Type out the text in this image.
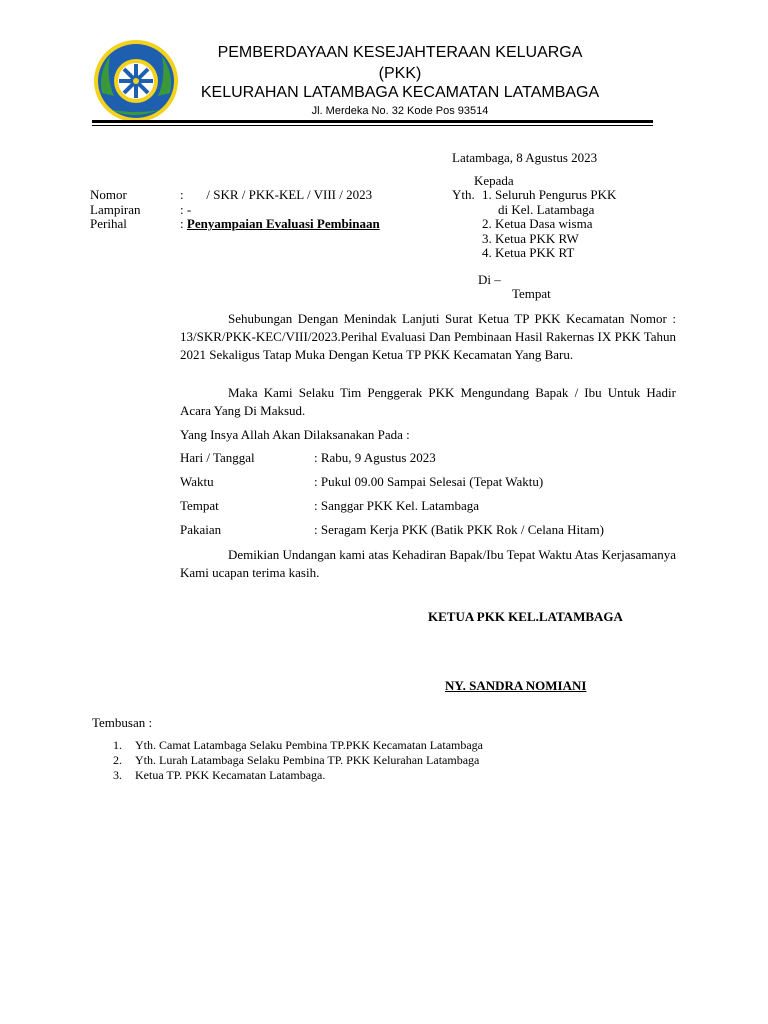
PEMBERDAYAAN KESEJAHTERAAN KELUARGA
(PKK)
KELURAHAN LATAMBAGA KECAMATAN LATAMBAGA
Jl. Merdeka No. 32 Kode Pos 93514
Latambaga, 8 Agustus 2023
Nomor	:       / SKR / PKK-KEL / VIII / 2023
Lampiran	: -
Perihal	: Penyampaian Evaluasi Pembinaan
Kepada
Yth. 1. Seluruh Pengurus PKK
di Kel. Latambaga
2. Ketua Dasa wisma
3. Ketua PKK RW
4. Ketua PKK RT
Di –
Tempat
Sehubungan Dengan Menindak Lanjuti Surat Ketua TP PKK Kecamatan Nomor : 13/SKR/PKK-KEC/VIII/2023.Perihal Evaluasi Dan Pembinaan Hasil Rakernas IX PKK Tahun 2021 Sekaligus Tatap Muka Dengan Ketua TP PKK Kecamatan Yang Baru.
Maka Kami Selaku Tim Penggerak PKK Mengundang Bapak / Ibu Untuk Hadir Acara Yang Di Maksud.
Yang Insya Allah Akan Dilaksanakan Pada :
Hari / Tanggal	: Rabu, 9 Agustus 2023
Waktu	: Pukul 09.00 Sampai Selesai (Tepat Waktu)
Tempat	: Sanggar PKK Kel. Latambaga
Pakaian	: Seragam Kerja PKK (Batik PKK Rok / Celana Hitam)
Demikian Undangan kami atas Kehadiran Bapak/Ibu Tepat Waktu Atas Kerjasamanya Kami ucapan terima kasih.
KETUA PKK KEL.LATAMBAGA
NY. SANDRA NOMIANI
Tembusan :
1. Yth. Camat Latambaga Selaku Pembina TP.PKK Kecamatan Latambaga
2. Yth. Lurah Latambaga Selaku Pembina TP. PKK Kelurahan Latambaga
3. Ketua TP. PKK Kecamatan Latambaga.
